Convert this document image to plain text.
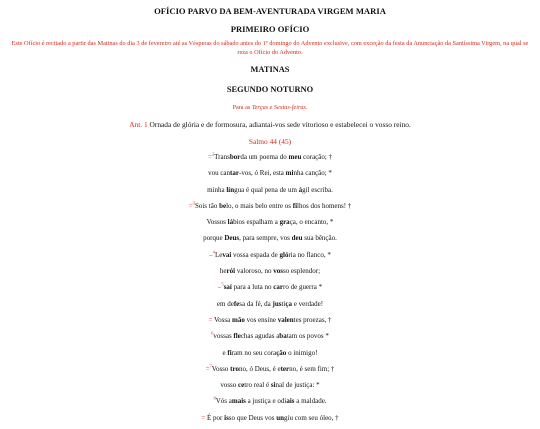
OFÍCIO PARVO DA BEM-AVENTURADA VIRGEM MARIA
PRIMEIRO OFÍCIO
Este Ofício é recitado a partir das Matinas do dia 3 de fevereiro até as Vésperas do sábado antes do 1º domingo do Advento exclusive, com exceção da festa da Anunciação da Santíssima Virgem, na qual se reza o Ofício do Advento.
MATINAS
SEGUNDO NOTURNO
Para as Terças e Sextas-feiras.
Ant. 1 Ornada de glória e de formosura, adiantai-vos sede vitorioso e estabelecei o vosso reino.
Salmo 44 (45)
=$^2$Transborda um poema do meu coração; †
vou cantar-vos, ó Rei, esta minha canção; *
minha língua é qual pena de um ágil escriba.
=$^3$Sois tão belo, o mais belo entre os filhos dos homens! †
Vossos lábios espalham a graça, o encanto, *
porque Deus, para sempre, vos deu sua bênção.
–$^4$Levai vossa espada de glória no flanco, *
herói valoroso, no vosso esplendor;
–$^5$saí para a luta no carro de guerra *
em defesa da fé, da justiça e verdade!
= Vossa mão vos ensine valentes proezas, †
$^6$vossas flechas agudas abatam os povos *
e firam no seu coração o inimigo!
=$^7$Vosso trono, ó Deus, é eterno, é sem fim; †
vosso cetro real é sinal de justiça: *
$^8$Vós amais a justiça e odiais a maldade.
= É por isso que Deus vos ungiu com seu óleo, †
